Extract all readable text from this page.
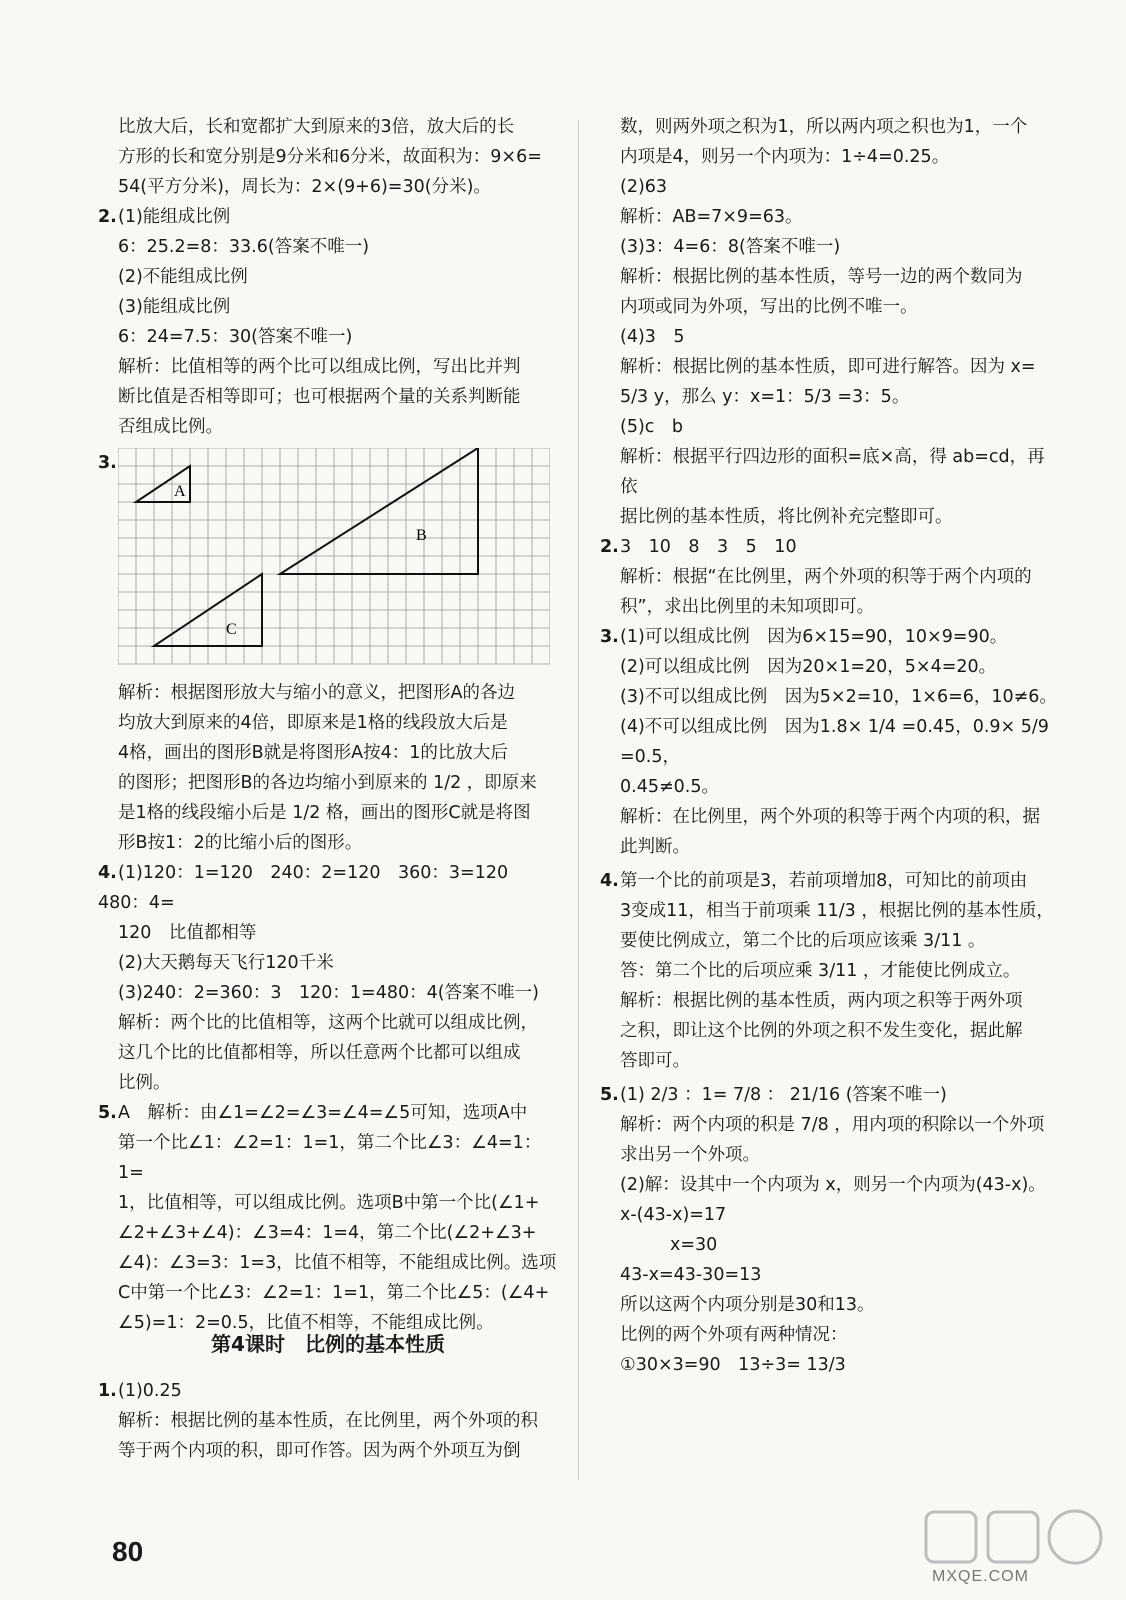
比放大后，长和宽都扩大到原来的3倍，放大后的长
方形的长和宽分别是9分米和6分米，故面积为：9×6=
54(平方分米)，周长为：2×(9+6)=30(分米)。
2.(1)能组成比例
6：25.2=8：33.6(答案不唯一)
(2)不能组成比例
(3)能组成比例
6：24=7.5：30(答案不唯一)
解析：比值相等的两个比可以组成比例，写出比并判
断比值是否相等即可；也可根据两个量的关系判断能
否组成比例。
3.
A
B
C
解析：根据图形放大与缩小的意义，把图形A的各边
均放大到原来的4倍，即原来是1格的线段放大后是
4格，画出的图形B就是将图形A按4：1的比放大后
的图形；把图形B的各边均缩小到原来的 1/2 ，即原来
是1格的线段缩小后是 1/2 格，画出的图形C就是将图
形B按1：2的比缩小后的图形。
4.(1)120：1=120　240：2=120　360：3=120　480：4=
120　比值都相等
(2)大天鹅每天飞行120千米
(3)240：2=360：3　120：1=480：4(答案不唯一)
解析：两个比的比值相等，这两个比就可以组成比例，
这几个比的比值都相等，所以任意两个比都可以组成
比例。
5.A　解析：由∠1=∠2=∠3=∠4=∠5可知，选项A中
第一个比∠1：∠2=1：1=1，第二个比∠3：∠4=1：1=
1，比值相等，可以组成比例。选项B中第一个比(∠1+
∠2+∠3+∠4)：∠3=4：1=4，第二个比(∠2+∠3+
∠4)：∠3=3：1=3，比值不相等，不能组成比例。选项
C中第一个比∠3：∠2=1：1=1，第二个比∠5：(∠4+
∠5)=1：2=0.5，比值不相等，不能组成比例。
第4课时　比例的基本性质
1.(1)0.25
解析：根据比例的基本性质，在比例里，两个外项的积
等于两个内项的积，即可作答。因为两个外项互为倒
数，则两外项之积为1，所以两内项之积也为1，一个
内项是4，则另一个内项为：1÷4=0.25。
(2)63
解析：AB=7×9=63。
(3)3：4=6：8(答案不唯一)
解析：根据比例的基本性质，等号一边的两个数同为
内项或同为外项，写出的比例不唯一。
(4)3　5
解析：根据比例的基本性质，即可进行解答。因为 x=
5/3 y，那么 y：x=1：5/3 =3：5。
(5)c　b
解析：根据平行四边形的面积=底×高，得 ab=cd，再依
据比例的基本性质，将比例补充完整即可。
2.3　10　8　3　5　10
解析：根据“在比例里，两个外项的积等于两个内项的
积”，求出比例里的未知项即可。
3.(1)可以组成比例　因为6×15=90，10×9=90。
(2)可以组成比例　因为20×1=20，5×4=20。
(3)不可以组成比例　因为5×2=10，1×6=6，10≠6。
(4)不可以组成比例　因为1.8× 1/4 =0.45，0.9× 5/9 =0.5，
0.45≠0.5。
解析：在比例里，两个外项的积等于两个内项的积，据
此判断。
4.第一个比的前项是3，若前项增加8，可知比的前项由
3变成11，相当于前项乘 11/3 ，根据比例的基本性质，
要使比例成立，第二个比的后项应该乘 3/11 。
答：第二个比的后项应乘 3/11 ，才能使比例成立。
解析：根据比例的基本性质，两内项之积等于两外项
之积，即让这个比例的外项之积不发生变化，据此解
答即可。
5.(1) 2/3 ：1= 7/8 ： 21/16 (答案不唯一)
解析：两个内项的积是 7/8 ，用内项的积除以一个外项
求出另一个外项。
(2)解：设其中一个内项为 x，则另一个内项为(43-x)。
x-(43-x)=17
x=30
43-x=43-30=13
所以这两个内项分别是30和13。
比例的两个外项有两种情况：
①30×3=90　13÷3= 13/3
80
MXQE.COM
